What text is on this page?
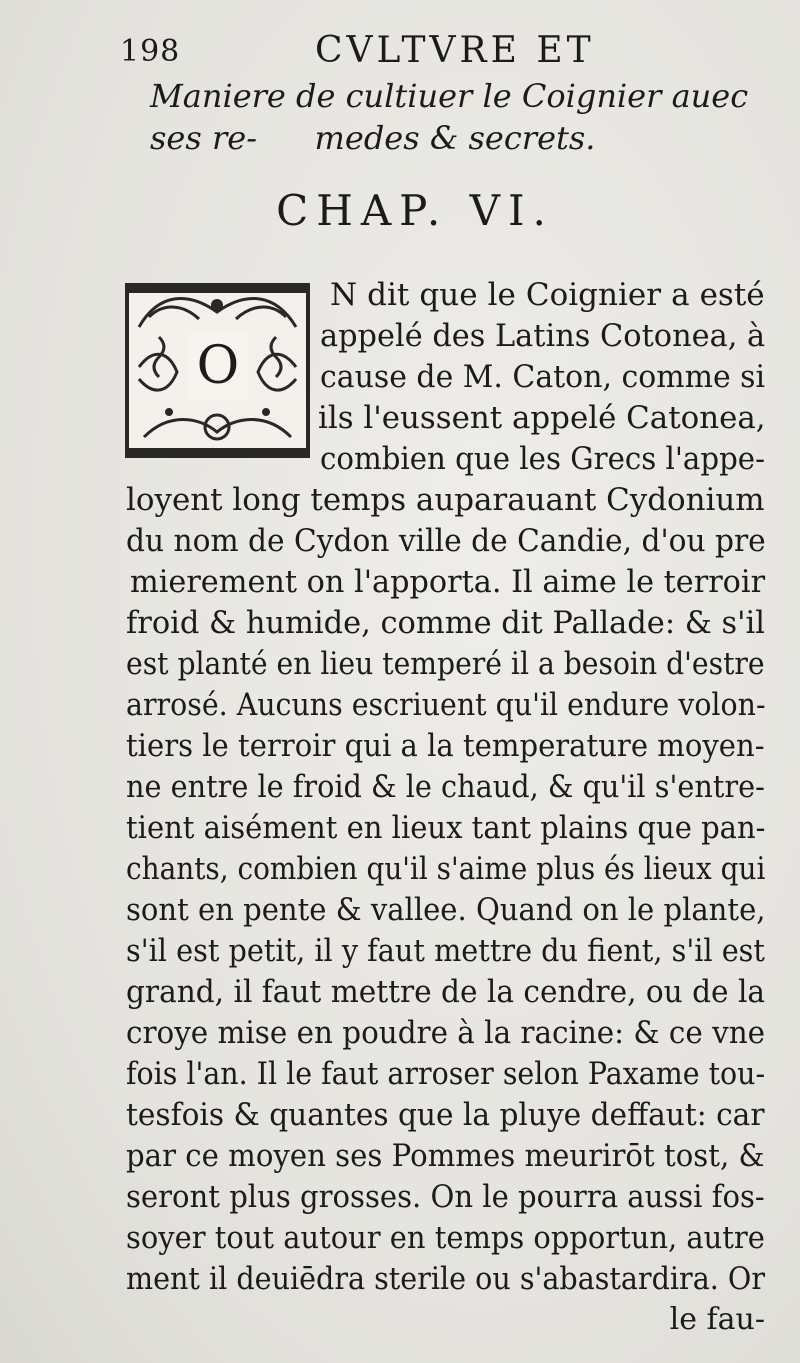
198	CVLTVRE ET
Maniere de cultiuer le Coignier auec ses re-	medes & secrets.
CHAP. VI.
O
N dit que le Coignier a esté
appelé des Latins Cotonea, à
cause de M. Caton, comme si
ils l'eussent appelé Catonea,
combien que les Grecs l'appe-
loyent long temps auparauant Cydonium
du nom de Cydon ville de Candie, d'ou pre
mierement on l'apporta. Il aime le terroir
froid & humide, comme dit Pallade: & s'il
est planté en lieu temperé il a besoin d'estre
arrosé. Aucuns escriuent qu'il endure volon-
tiers le terroir qui a la temperature moyen-
ne entre le froid & le chaud, & qu'il s'entre-
tient aisément en lieux tant plains que pan-
chants, combien qu'il s'aime plus és lieux qui
sont en pente & vallee. Quand on le plante,
s'il est petit, il y faut mettre du fient, s'il est
grand, il faut mettre de la cendre, ou de la
croye mise en poudre à la racine: & ce vne
fois l'an. Il le faut arroser selon Paxame tou-
tesfois & quantes que la pluye deffaut: car
par ce moyen ses Pommes meurirōt tost, &
seront plus grosses. On le pourra aussi fos-
soyer tout autour en temps opportun, autre
ment il deuiēdra sterile ou s'abastardira. Or
le fau-
